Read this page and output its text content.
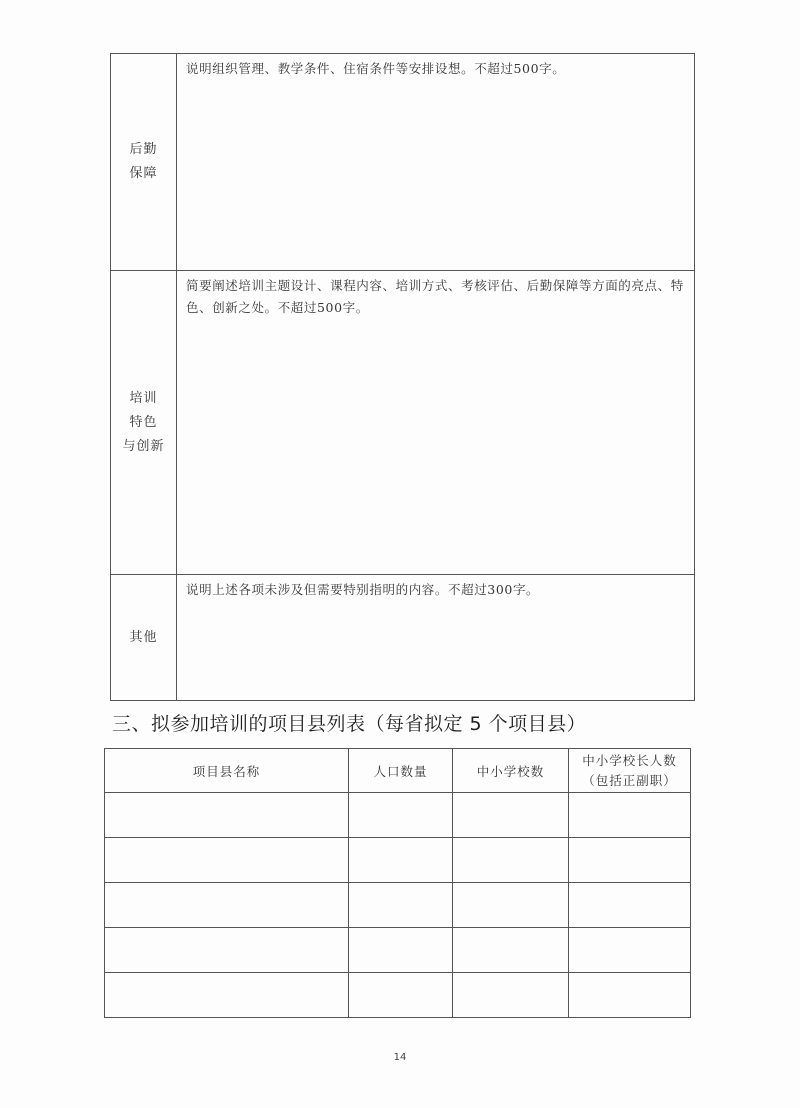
后勤
保障	说明组织管理、教学条件、住宿条件等安排设想。不超过500字。

培训
特色
与创新	简要阐述培训主题设计、课程内容、培训方式、考核评估、后勤保障等方面的亮点、特色、创新之处。不超过500字。

其他	说明上述各项未涉及但需要特别指明的内容。不超过300字。
三、拟参加培训的项目县列表（每省拟定 5 个项目县）
项目县名称	人口数量	中小学校数	中小学校长人数
（包括正副职）

14
